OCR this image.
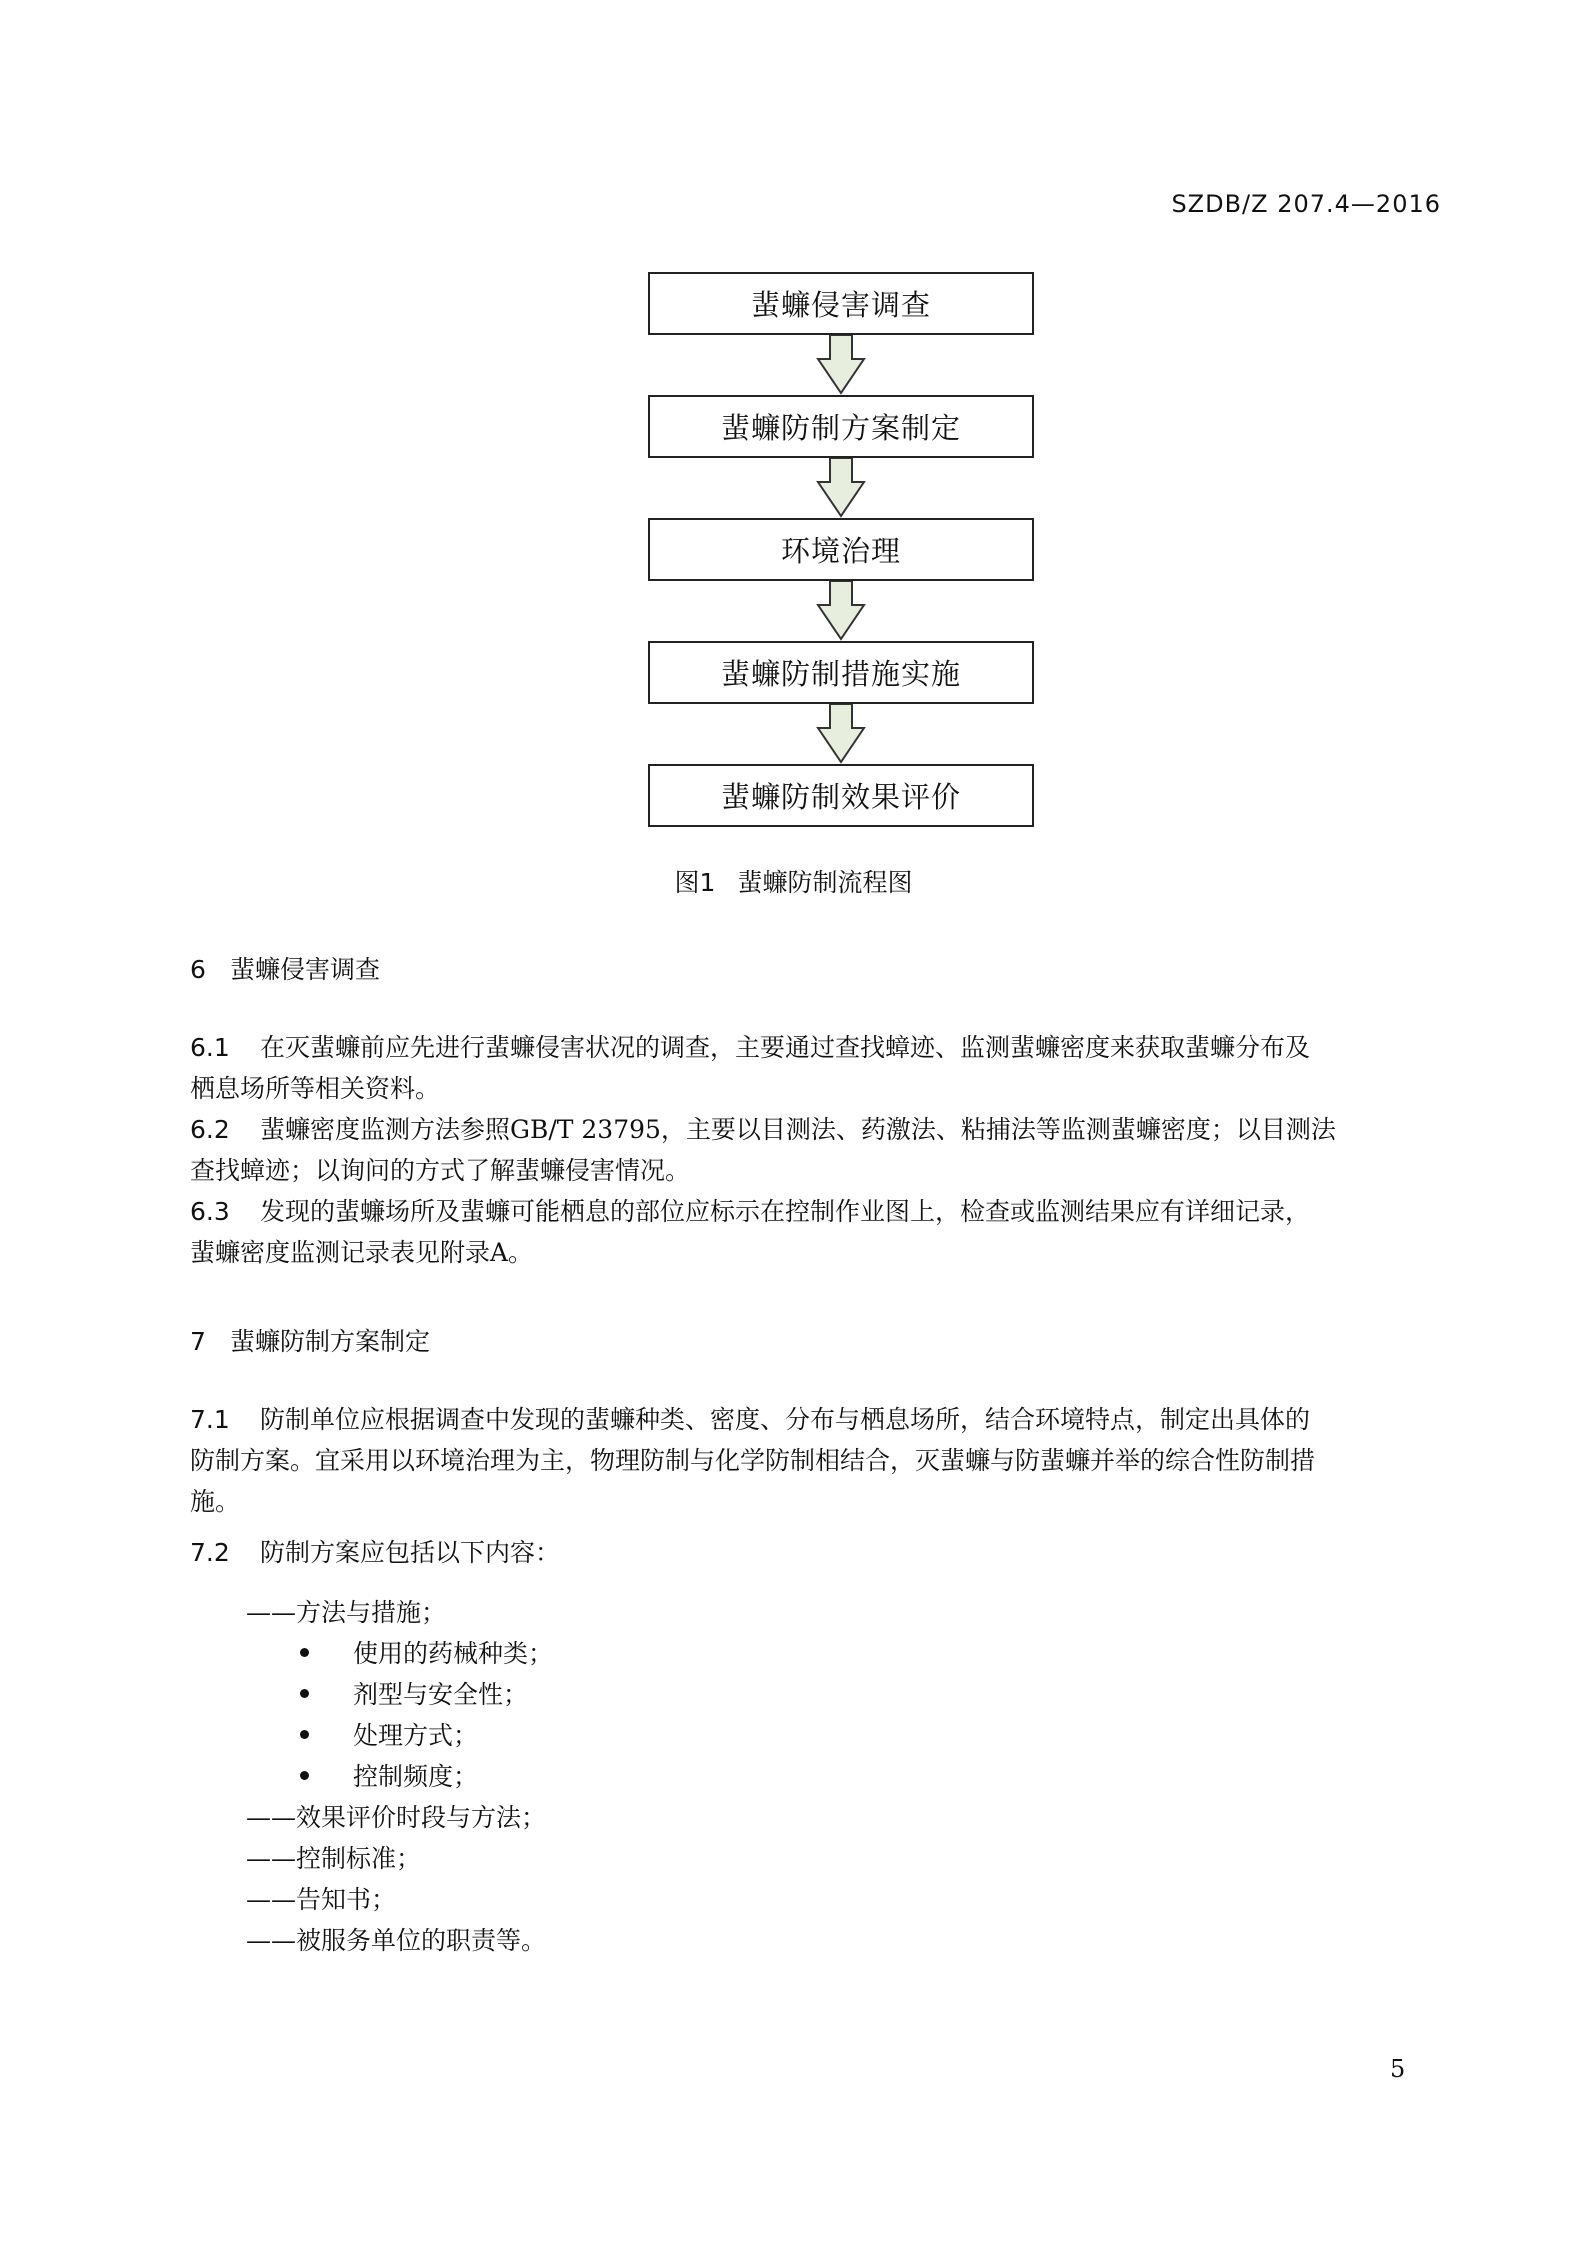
SZDB/Z 207.4—2016
蜚蠊侵害调查
蜚蠊防制方案制定
环境治理
蜚蠊防制措施实施
蜚蠊防制效果评价
图1 蜚蠊防制流程图
6 蜚蠊侵害调查
6.1 在灭蜚蠊前应先进行蜚蠊侵害状况的调查，主要通过查找蟑迹、监测蜚蠊密度来获取蜚蠊分布及
栖息场所等相关资料。
6.2 蜚蠊密度监测方法参照GB/T 23795，主要以目测法、药激法、粘捕法等监测蜚蠊密度；以目测法
查找蟑迹；以询问的方式了解蜚蠊侵害情况。
6.3 发现的蜚蠊场所及蜚蠊可能栖息的部位应标示在控制作业图上，检查或监测结果应有详细记录，
蜚蠊密度监测记录表见附录A。
7 蜚蠊防制方案制定
7.1 防制单位应根据调查中发现的蜚蠊种类、密度、分布与栖息场所，结合环境特点，制定出具体的
防制方案。宜采用以环境治理为主，物理防制与化学防制相结合，灭蜚蠊与防蜚蠊并举的综合性防制措
施。
7.2 防制方案应包括以下内容：
——方法与措施；
使用的药械种类；
剂型与安全性；
处理方式；
控制频度；
——效果评价时段与方法；
——控制标准；
——告知书；
——被服务单位的职责等。
5
